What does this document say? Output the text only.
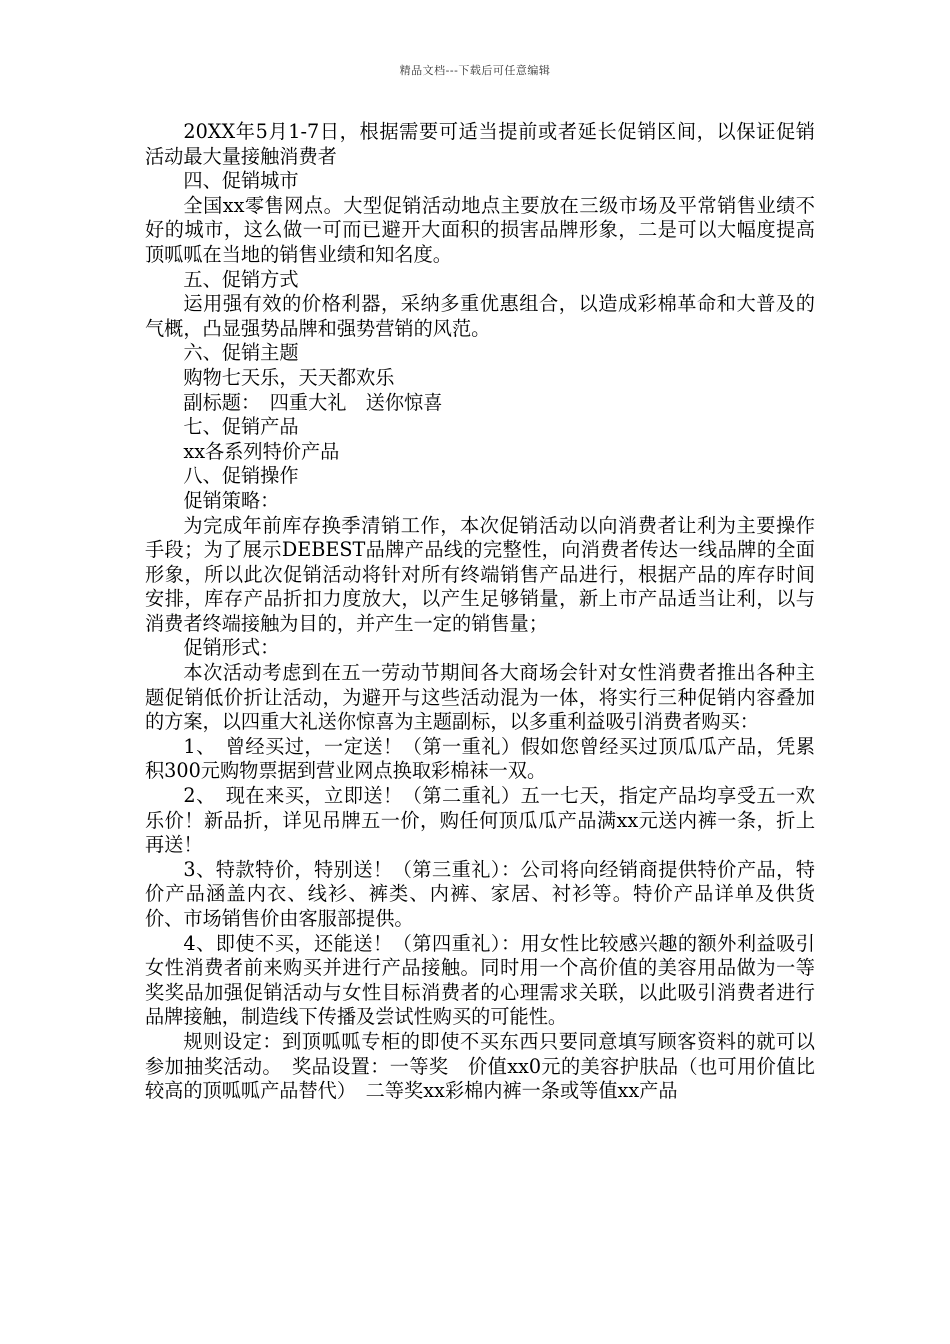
精品文档---下载后可任意编辑

20XX年5月1-7日，根据需要可适当提前或者延长促销区间，以保证促销活动最大量接触消费者

四、促销城市

全国xx零售网点。大型促销活动地点主要放在三级市场及平常销售业绩不好的城市，这么做一可而已避开大面积的损害品牌形象，二是可以大幅度提高顶呱呱在当地的销售业绩和知名度。

五、促销方式

运用强有效的价格利器，采纳多重优惠组合，以造成彩棉革命和大普及的气概，凸显强势品牌和强势营销的风范。

六、促销主题

购物七天乐，天天都欢乐

副标题：　四重大礼　送你惊喜

七、促销产品

xx各系列特价产品

八、促销操作

促销策略：

为完成年前库存换季清销工作，本次促销活动以向消费者让利为主要操作手段；为了展示DEBEST品牌产品线的完整性，向消费者传达一线品牌的全面形象，所以此次促销活动将针对所有终端销售产品进行，根据产品的库存时间安排，库存产品折扣力度放大，以产生足够销量，新上市产品适当让利，以与消费者终端接触为目的，并产生一定的销售量；

促销形式：

本次活动考虑到在五一劳动节期间各大商场会针对女性消费者推出各种主题促销低价折让活动，为避开与这些活动混为一体，将实行三种促销内容叠加的方案，以四重大礼送你惊喜为主题副标，以多重利益吸引消费者购买：

1、　曾经买过，一定送！（第一重礼）假如您曾经买过顶瓜瓜产品，凭累积300元购物票据到营业网点换取彩棉袜一双。

2、　现在来买，立即送！（第二重礼）五一七天，指定产品均享受五一欢乐价！新品折，详见吊牌五一价，购任何顶瓜瓜产品满xx元送内裤一条，折上再送！

3、特款特价，特别送！（第三重礼）：公司将向经销商提供特价产品，特价产品涵盖内衣、线衫、裤类、内裤、家居、衬衫等。特价产品详单及供货价、市场销售价由客服部提供。

4、即使不买，还能送！（第四重礼）：用女性比较感兴趣的额外利益吸引女性消费者前来购买并进行产品接触。同时用一个高价值的美容用品做为一等奖奖品加强促销活动与女性目标消费者的心理需求关联，以此吸引消费者进行品牌接触，制造线下传播及尝试性购买的可能性。

规则设定：到顶呱呱专柜的即使不买东西只要同意填写顾客资料的就可以参加抽奖活动。　奖品设置：一等奖　价值xx0元的美容护肤品（也可用价值比较高的顶呱呱产品替代）　二等奖xx彩棉内裤一条或等值xx产品
